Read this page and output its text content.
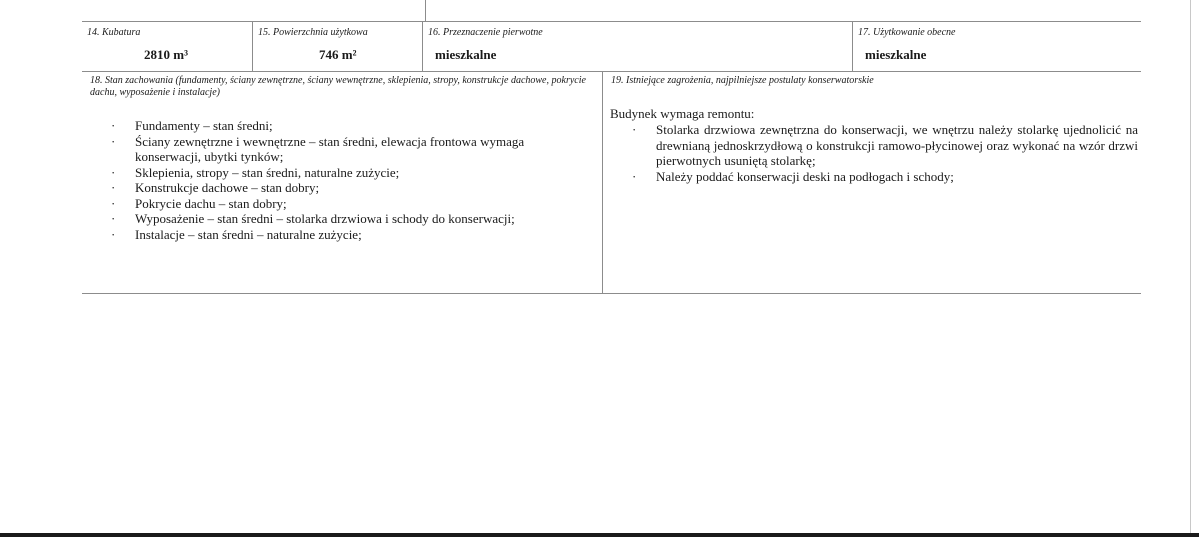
14. Kubatura
2810 m³
15. Powierzchnia użytkowa
746 m²
16. Przeznaczenie pierwotne
mieszkalne
17. Użytkowanie obecne
mieszkalne
18. Stan zachowania (fundamenty, ściany zewnętrzne, ściany wewnętrzne, sklepienia, stropy, konstrukcje dachowe, pokrycie dachu, wyposażenie i instalacje)
· Fundamenty – stan średni;
· Ściany zewnętrzne i wewnętrzne – stan średni, elewacja frontowa wymaga konserwacji, ubytki tynków;
· Sklepienia, stropy – stan średni, naturalne zużycie;
· Konstrukcje dachowe – stan dobry;
· Pokrycie dachu – stan dobry;
· Wyposażenie – stan średni – stolarka drzwiowa i schody do konserwacji;
· Instalacje – stan średni – naturalne zużycie;
19. Istniejące zagrożenia, najpilniejsze postulaty konserwatorskie
Budynek wymaga remontu:
· Stolarka drzwiowa zewnętrzna do konserwacji, we wnętrzu należy stolarkę ujednolicić na drewnianą jednoskrzydłową o konstrukcji ramowo-płycinowej oraz wykonać na wzór drzwi pierwotnych usuniętą stolarkę;
· Należy poddać konserwacji deski na podłogach i schody;
